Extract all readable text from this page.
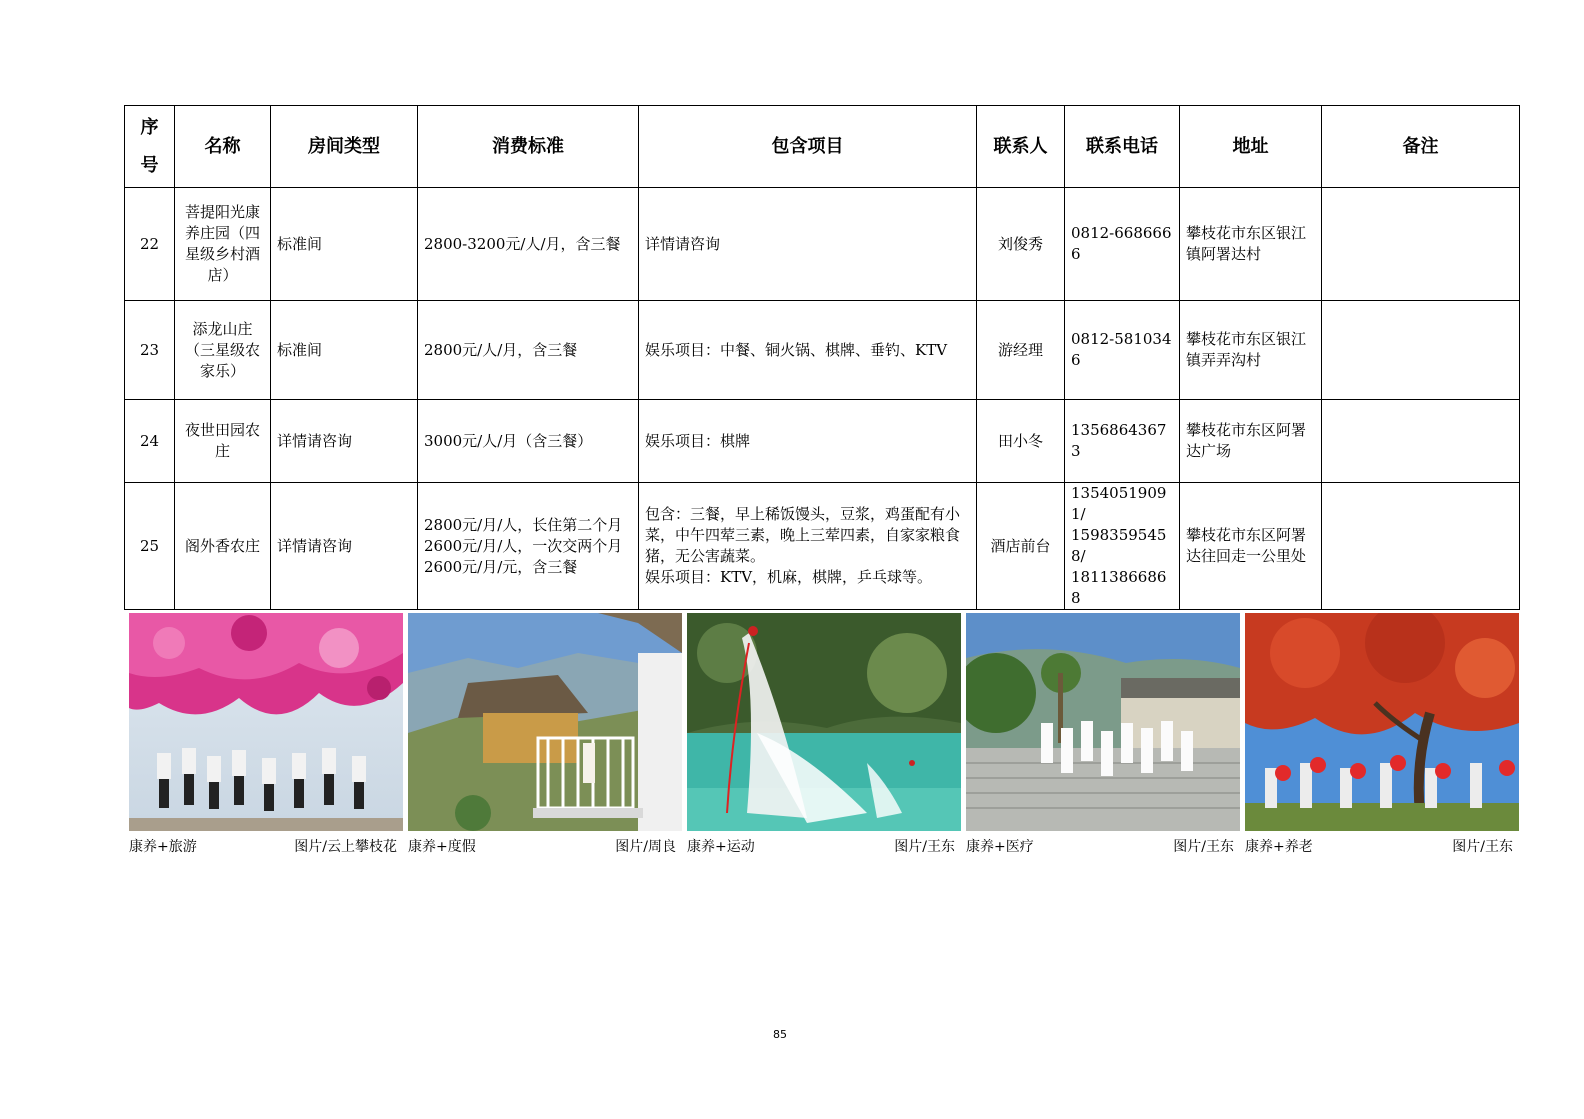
序
号	名称	房间类型	消费标准	包含项目	联系人	联系电话	地址	备注
22	菩提阳光康养庄园（四星级乡村酒店）	标准间	2800-3200元/人/月，含三餐	详情请咨询	刘俊秀	0812-6686666	攀枝花市东区银江镇阿署达村	
23	添龙山庄（三星级农家乐）	标准间	2800元/人/月，含三餐	娱乐项目：中餐、铜火锅、棋牌、垂钓、KTV	游经理	0812-5810346	攀枝花市东区银江镇弄弄沟村	
24	夜世田园农庄	详情请咨询	3000元/人/月（含三餐）	娱乐项目：棋牌	田小冬	13568643673	攀枝花市东区阿署达广场	
25	阁外香农庄	详情请咨询	2800元/月/人，长住第二个月
2600元/月/人，一次交两个月
2600元/月/元，含三餐	包含：三餐，早上稀饭馒头，豆浆，鸡蛋配有小菜，中午四荤三素，晚上三荤四素，自家家粮食猪，无公害蔬菜。
娱乐项目：KTV，机麻，棋牌，乒乓球等。	酒店前台	13540519091/
15983595458/
18113866868	攀枝花市东区阿署达往回走一公里处	
康养+旅游	图片/云上攀枝花 康养+度假	图片/周良 康养+运动	图片/王东 康养+医疗	图片/王东 康养+养老	图片/王东
85
